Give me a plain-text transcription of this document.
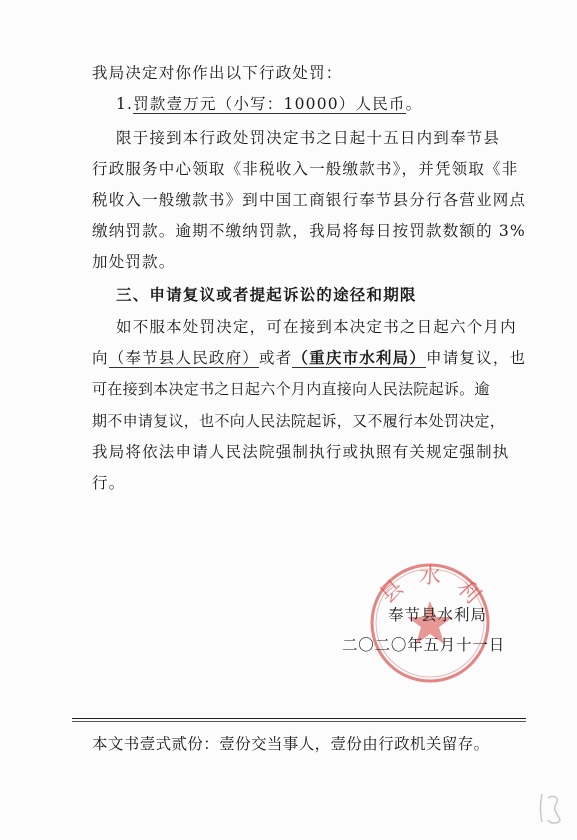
我局决定对你作出以下行政处罚：
1.罚款壹万元（小写：10000）人民币。
限于接到本行政处罚决定书之日起十五日内到奉节县
行政服务中心领取《非税收入一般缴款书》，并凭领取《非
税收入一般缴款书》到中国工商银行奉节县分行各营业网点
缴纳罚款。逾期不缴纳罚款，我局将每日按罚款数额的 3%
加处罚款。
三、申请复议或者提起诉讼的途径和期限
如不服本处罚决定，可在接到本决定书之日起六个月内
向（奉节县人民政府）或者（重庆市水利局）申请复议，也
可在接到本决定书之日起六个月内直接向人民法院起诉。逾
期不申请复议，也不向人民法院起诉，又不履行本处罚决定，
我局将依法申请人民法院强制执行或执照有关规定强制执
行。
县 水 利
奉节县水利局
二〇二〇年五月十一日
本文书壹式贰份：壹份交当事人，壹份由行政机关留存。
